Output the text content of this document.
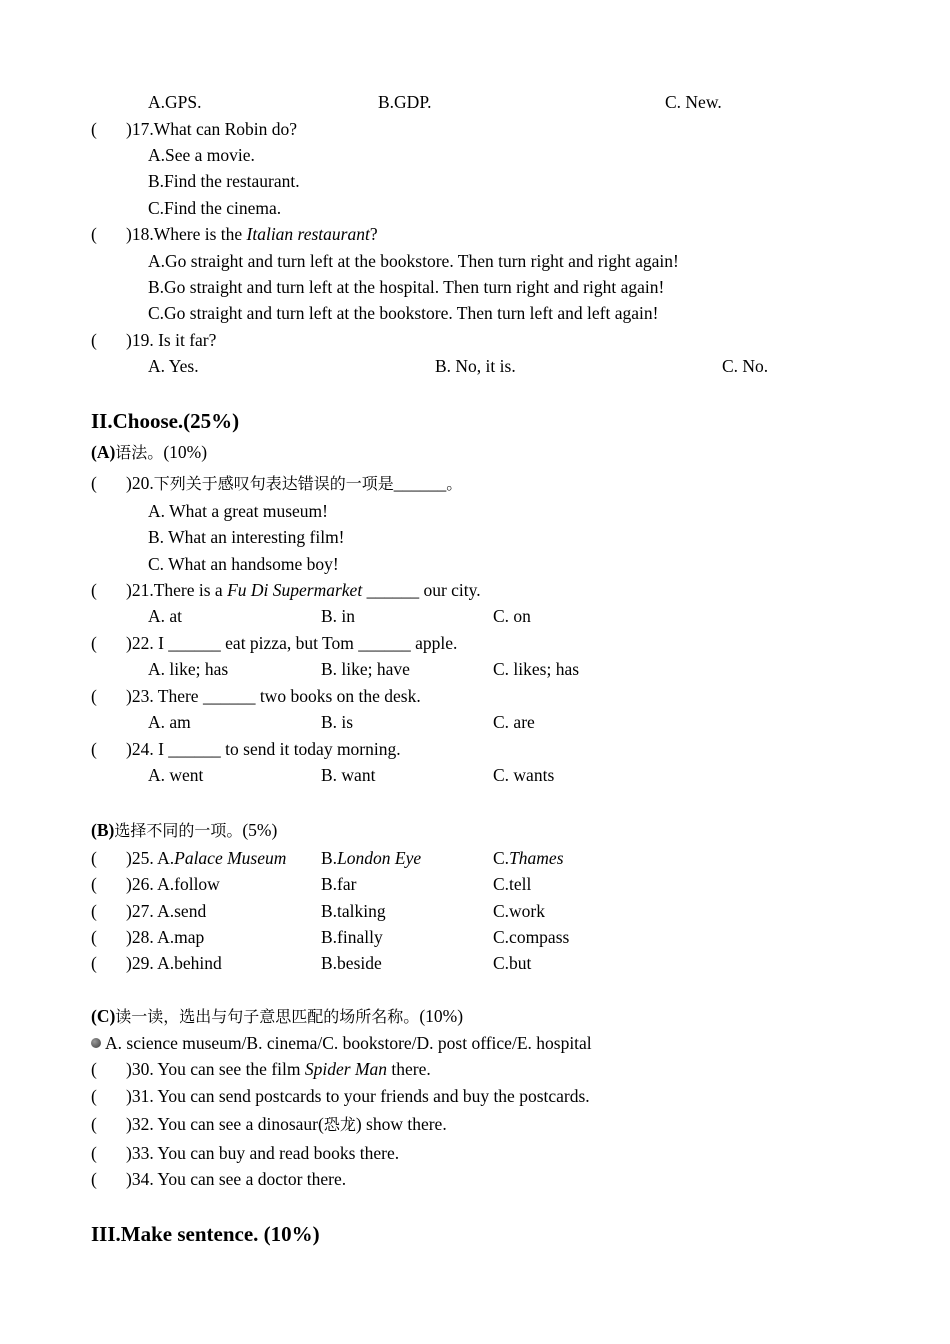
A.GPS.	B.GDP.	C. New.
( )17.What can Robin do?
A.See a movie.
B.Find the restaurant.
C.Find the cinema.
( )18.Where is the Italian restaurant?
A.Go straight and turn left at the bookstore. Then turn right and right again!
B.Go straight and turn left at the hospital. Then turn right and right again!
C.Go straight and turn left at the bookstore. Then turn left and left again!
( )19. Is it far?
A. Yes.	B. No, it is.	C. No.
II.Choose.(25%)
(A)语法。(10%)
( )20.下列关于感叹句表达错误的一项是______。
A. What a great museum!
B. What an interesting film!
C. What an handsome boy!
( )21.There is a Fu Di Supermarket ______ our city.
A. at	B. in	C. on
( )22. I ______ eat pizza, but Tom ______ apple.
A. like; has	B. like; have	C. likes; has
( )23. There ______ two books on the desk.
A. am	B. is	C. are
( )24. I ______ to send it today morning.
A. went	B. want	C. wants
(B)选择不同的一项。(5%)
( )25. A.Palace Museum B.London Eye	C.Thames
( )26. A.follow	B.far	C.tell
( )27. A.send	B.talking	C.work
( )28. A.map	B.finally	C.compass
( )29. A.behind	B.beside	C.but
(C)读一读，选出与句子意思匹配的场所名称。(10%)
A. science museum/B. cinema/C. bookstore/D. post office/E. hospital
( )30. You can see the film Spider Man there.
( )31. You can send postcards to your friends and buy the postcards.
( )32. You can see a dinosaur(恐龙) show there.
( )33. You can buy and read books there.
( )34. You can see a doctor there.
III.Make sentence. (10%)
